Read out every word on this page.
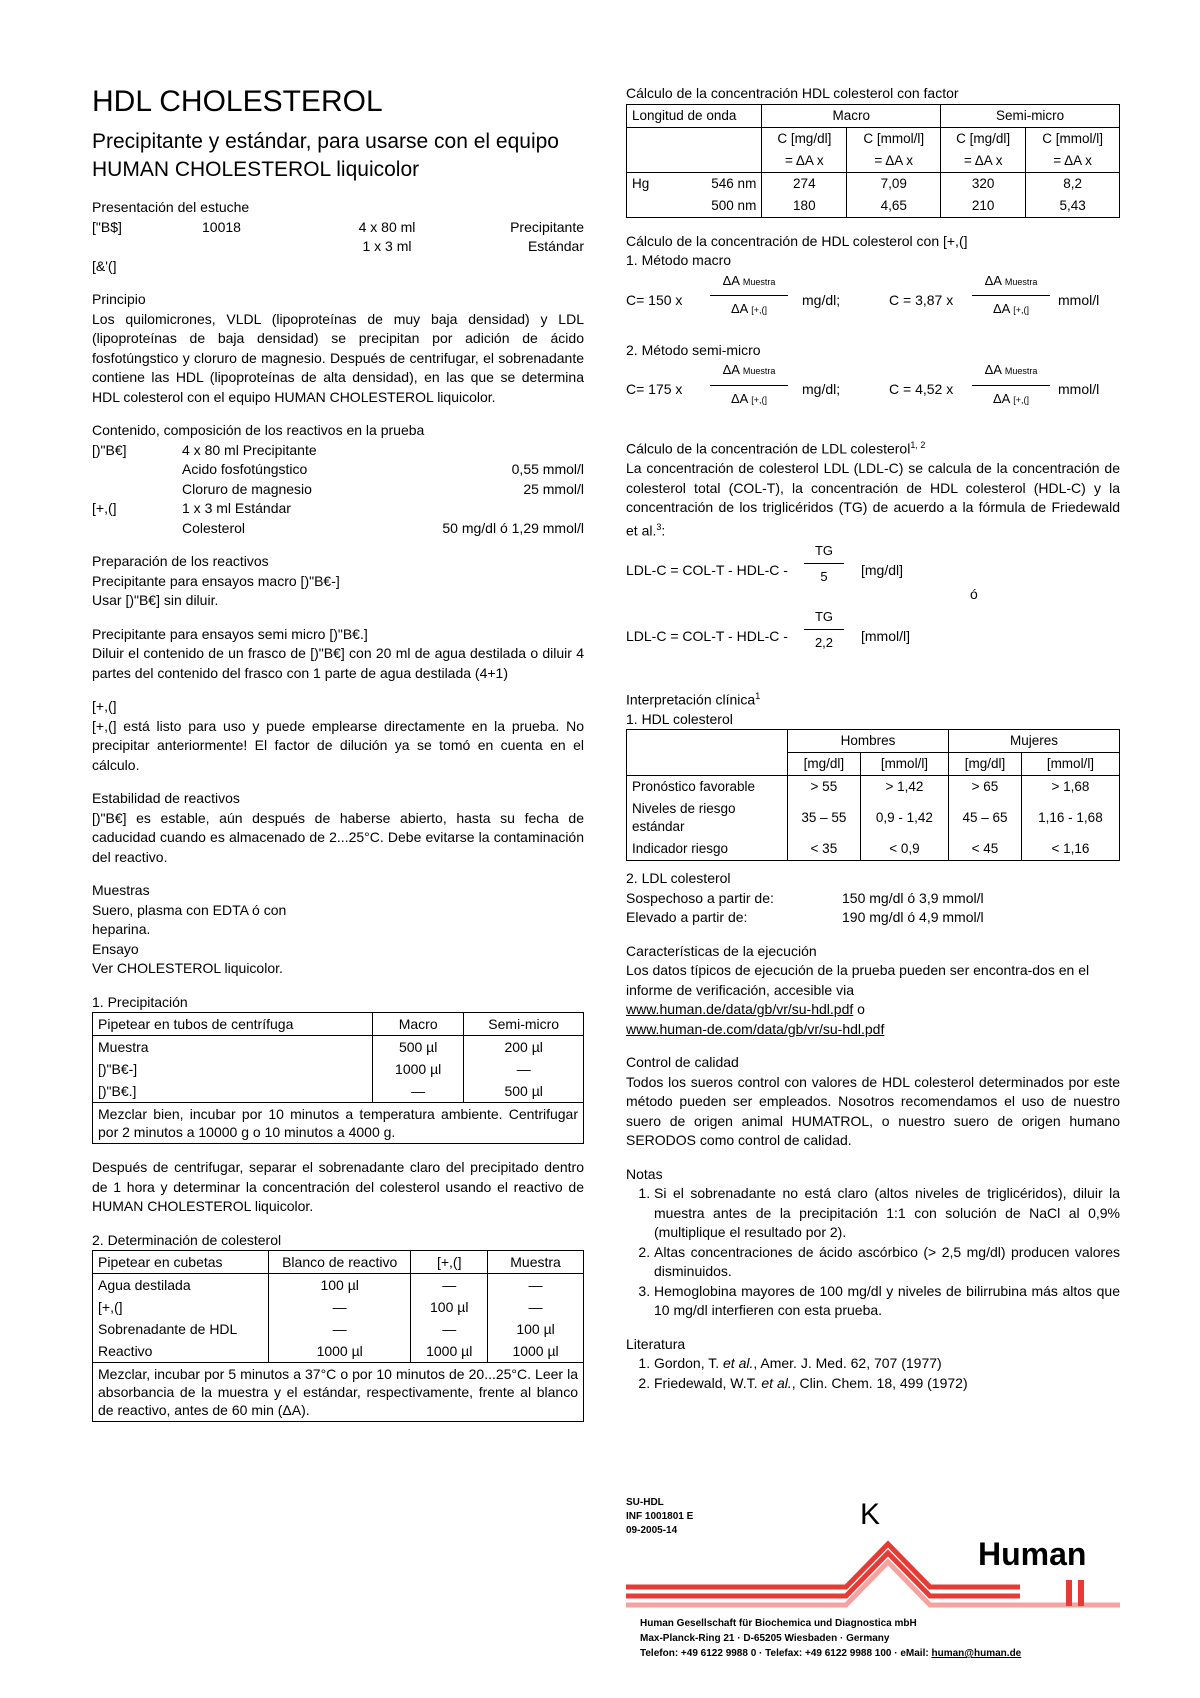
HDL CHOLESTEROL

Precipitante y estándar, para usarse con el equipo HUMAN CHOLESTEROL liquicolor

Presentación del estuche

["B$]	10018	4 x 80 ml	Precipitante
1 x 3 ml	Estándar

[&'(]

Principio

Los quilomicrones, VLDL (lipoproteínas de muy baja densidad) y LDL (lipoproteínas de baja densidad) se precipitan por adición de ácido fosfotúngstico y cloruro de magnesio. Después de centrifugar, el sobrenadante contiene las HDL (lipoproteínas de alta densidad), en las que se determina HDL colesterol con el equipo HUMAN CHOLESTEROL liquicolor.

Contenido, composición de los reactivos en la prueba

[)"B€]	4 x 80 ml Precipitante
Acido fosfotúngstico	0,55 mmol/l
Cloruro de magnesio	25 mmol/l
[+,(]	1 x 3 ml Estándar
Colesterol	50 mg/dl ó 1,29 mmol/l

Preparación de los reactivos

Precipitante para ensayos macro [)"B€-]

Usar [)"B€] sin diluir.

Precipitante para ensayos semi micro [)"B€.]

Diluir el contenido de un frasco de [)"B€] con 20 ml de agua destilada o diluir 4 partes del contenido del frasco con 1 parte de agua destilada (4+1)

[+,(]

[+,(] está listo para uso y puede emplearse directamente en la prueba. No precipitar anteriormente! El factor de dilución ya se tomó en cuenta en el cálculo.

Estabilidad de reactivos

[)"B€] es estable, aún después de haberse abierto, hasta su fecha de caducidad cuando es almacenado de 2...25°C. Debe evitarse la contaminación del reactivo.

Muestras

Suero, plasma con EDTA ó con

heparina.

Ensayo

Ver CHOLESTEROL liquicolor.

1. Precipitación

Pipetear en tubos de centrífuga	Macro	Semi-micro
Muestra	500 µl	200 µl
[)"B€-]	1000 µl	—
[)"B€.]	—	500 µl
Mezclar bien, incubar por 10 minutos a temperatura ambiente. Centrifugar por 2 minutos a 10000 g o 10 minutos a 4000 g.		

Después de centrifugar, separar el sobrenadante claro del precipitado dentro de 1 hora y determinar la concentración del colesterol usando el reactivo de HUMAN CHOLESTEROL liquicolor.

2. Determinación de colesterol

Pipetear en cubetas	Blanco de reactivo	[+,(]	Muestra
Agua destilada	100 µl	—	—
[+,(]	—	100 µl	—
Sobrenadante de HDL	—	—	100 µl
Reactivo	1000 µl	1000 µl	1000 µl
Mezclar, incubar por 5 minutos a 37°C o por 10 minutos de 20...25°C. Leer la absorbancia de la muestra y el estándar, respectivamente, frente al blanco de reactivo, antes de 60 min (ΔA).			

Cálculo de la concentración HDL colesterol con factor

Longitud de onda		Macro		Semi-micro	
		C [mg/dl]	C [mmol/l]	C [mg/dl]	C [mmol/l]
		= ΔA x	= ΔA x	= ΔA x	= ΔA x
Hg	546 nm	274	7,09	320	8,2
	500 nm	180	4,65	210	5,43

Cálculo de la concentración de HDL colesterol con [+,(]

1. Método macro

C= 150 x
ΔA Muestra
ΔA [+,(]
mg/dl;	C = 3,87 x
ΔA Muestra
ΔA [+,(]
mmol/l

2. Método semi-micro

C= 175 x
ΔA Muestra
ΔA [+,(]
mg/dl;	C = 4,52 x
ΔA Muestra
ΔA [+,(]
mmol/l

Cálculo de la concentración de LDL colesterol$^{1, 2}$

La concentración de colesterol LDL (LDL-C) se calcula de la concentración de colesterol total (COL-T), la concentración de HDL colesterol (HDL-C) y la concentración de los triglicéridos (TG) de acuerdo a la fórmula de Friedewald et al.$^3$:

LDL-C = COL-T - HDL-C -
TG
5	[mg/dl]
ó
LDL-C = COL-T - HDL-C -
TG
2,2	[mmol/l]

Interpretación clínica$^1$

1. HDL colesterol

	Hombres		Mujeres	
	[mg/dl]	[mmol/l]	[mg/dl]	[mmol/l]
Pronóstico favorable	> 55	> 1,42	> 65	> 1,68
Niveles de riesgo estándar	35 – 55	0,9 - 1,42	45 – 65	1,16 - 1,68
Indicador riesgo	< 35	< 0,9	< 45	< 1,16

2. LDL colesterol

Sospechoso a partir de:	150 mg/dl ó 3,9 mmol/l
Elevado a partir de:	190 mg/dl ó 4,9 mmol/l

Características de la ejecución

Los datos típicos de ejecución de la prueba pueden ser encontra-dos en el informe de verificación, accesible via

www.human.de/data/gb/vr/su-hdl.pdf o

www.human-de.com/data/gb/vr/su-hdl.pdf

Control de calidad

Todos los sueros control con valores de HDL colesterol determinados por este método pueden ser empleados. Nosotros recomendamos el uso de nuestro suero de origen animal HUMATROL, o nuestro suero de origen humano SERODOS como control de calidad.

Notas

1. Si el sobrenadante no está claro (altos niveles de triglicéridos), diluir la muestra antes de la precipitación 1:1 con solución de NaCl al 0,9% (multiplique el resultado por 2).
2. Altas concentraciones de ácido ascórbico (> 2,5 mg/dl) producen valores disminuidos.
3. Hemoglobina mayores de 100 mg/dl y niveles de bilirrubina más altos que 10 mg/dl interfieren con esta prueba.

Literatura

1. Gordon, T. et al., Amer. J. Med. 62, 707 (1977)
2. Friedewald, W.T. et al., Clin. Chem. 18, 499 (1972)
SU-HDL
INF 1001801 E
09-2005-14	K
Human
Human Gesellschaft für Biochemica und Diagnostica mbH
Max-Planck-Ring 21 · D-65205 Wiesbaden · Germany
Telefon: +49 6122 9988 0 · Telefax: +49 6122 9988 100 · eMail: human@human.de
